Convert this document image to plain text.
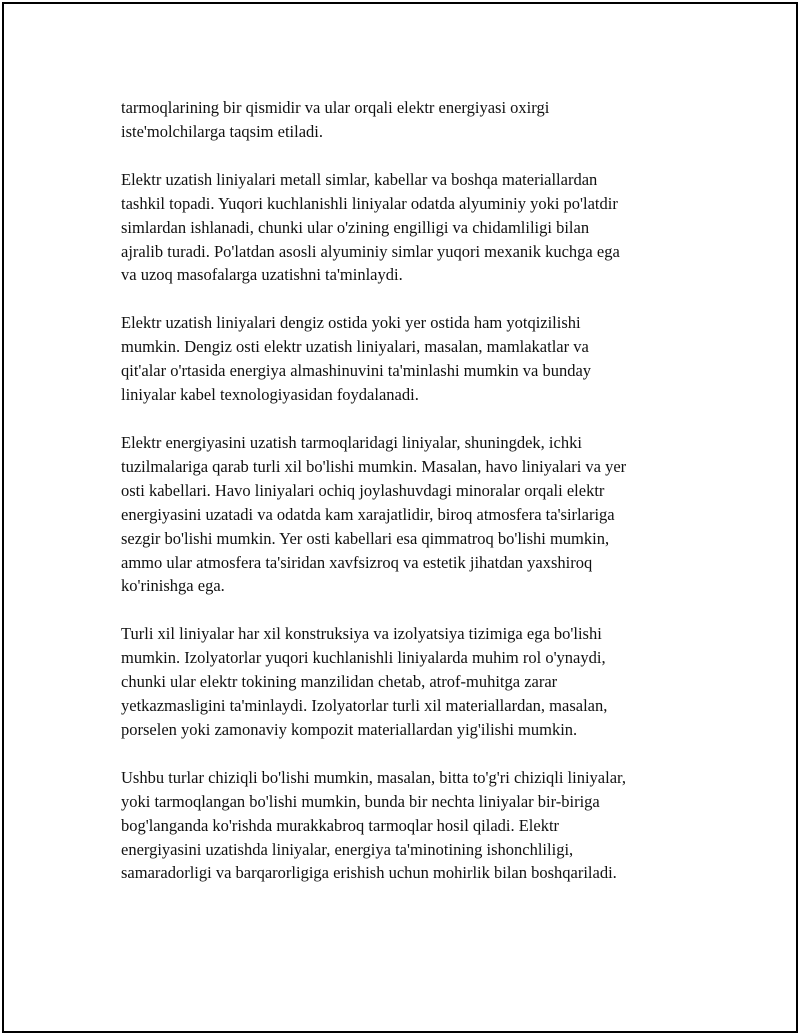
tarmoqlarining bir qismidir va ular orqali elektr energiyasi oxirgi
iste'molchilarga taqsim etiladi.

Elektr uzatish liniyalari metall simlar, kabellar va boshqa materiallardan
tashkil topadi. Yuqori kuchlanishli liniyalar odatda alyuminiy yoki po'latdir
simlardan ishlanadi, chunki ular o'zining engilligi va chidamliligi bilan
ajralib turadi. Po'latdan asosli alyuminiy simlar yuqori mexanik kuchga ega
va uzoq masofalarga uzatishni ta'minlaydi.

Elektr uzatish liniyalari dengiz ostida yoki yer ostida ham yotqizilishi
mumkin. Dengiz osti elektr uzatish liniyalari, masalan, mamlakatlar va
qit'alar o'rtasida energiya almashinuvini ta'minlashi mumkin va bunday
liniyalar kabel texnologiyasidan foydalanadi.

Elektr energiyasini uzatish tarmoqlaridagi liniyalar, shuningdek, ichki
tuzilmalariga qarab turli xil bo'lishi mumkin. Masalan, havo liniyalari va yer
osti kabellari. Havo liniyalari ochiq joylashuvdagi minoralar orqali elektr
energiyasini uzatadi va odatda kam xarajatlidir, biroq atmosfera ta'sirlariga
sezgir bo'lishi mumkin. Yer osti kabellari esa qimmatroq bo'lishi mumkin,
ammo ular atmosfera ta'siridan xavfsizroq va estetik jihatdan yaxshiroq
ko'rinishga ega.

Turli xil liniyalar har xil konstruksiya va izolyatsiya tizimiga ega bo'lishi
mumkin. Izolyatorlar yuqori kuchlanishli liniyalarda muhim rol o'ynaydi,
chunki ular elektr tokining manzilidan chetab, atrof-muhitga zarar
yetkazmasligini ta'minlaydi. Izolyatorlar turli xil materiallardan, masalan,
porselen yoki zamonaviy kompozit materiallardan yig'ilishi mumkin.

Ushbu turlar chiziqli bo'lishi mumkin, masalan, bitta to'g'ri chiziqli liniyalar,
yoki tarmoqlangan bo'lishi mumkin, bunda bir nechta liniyalar bir-biriga
bog'langanda ko'rishda murakkabroq tarmoqlar hosil qiladi. Elektr
energiyasini uzatishda liniyalar, energiya ta'minotining ishonchliligi,
samaradorligi va barqarorligiga erishish uchun mohirlik bilan boshqariladi.
